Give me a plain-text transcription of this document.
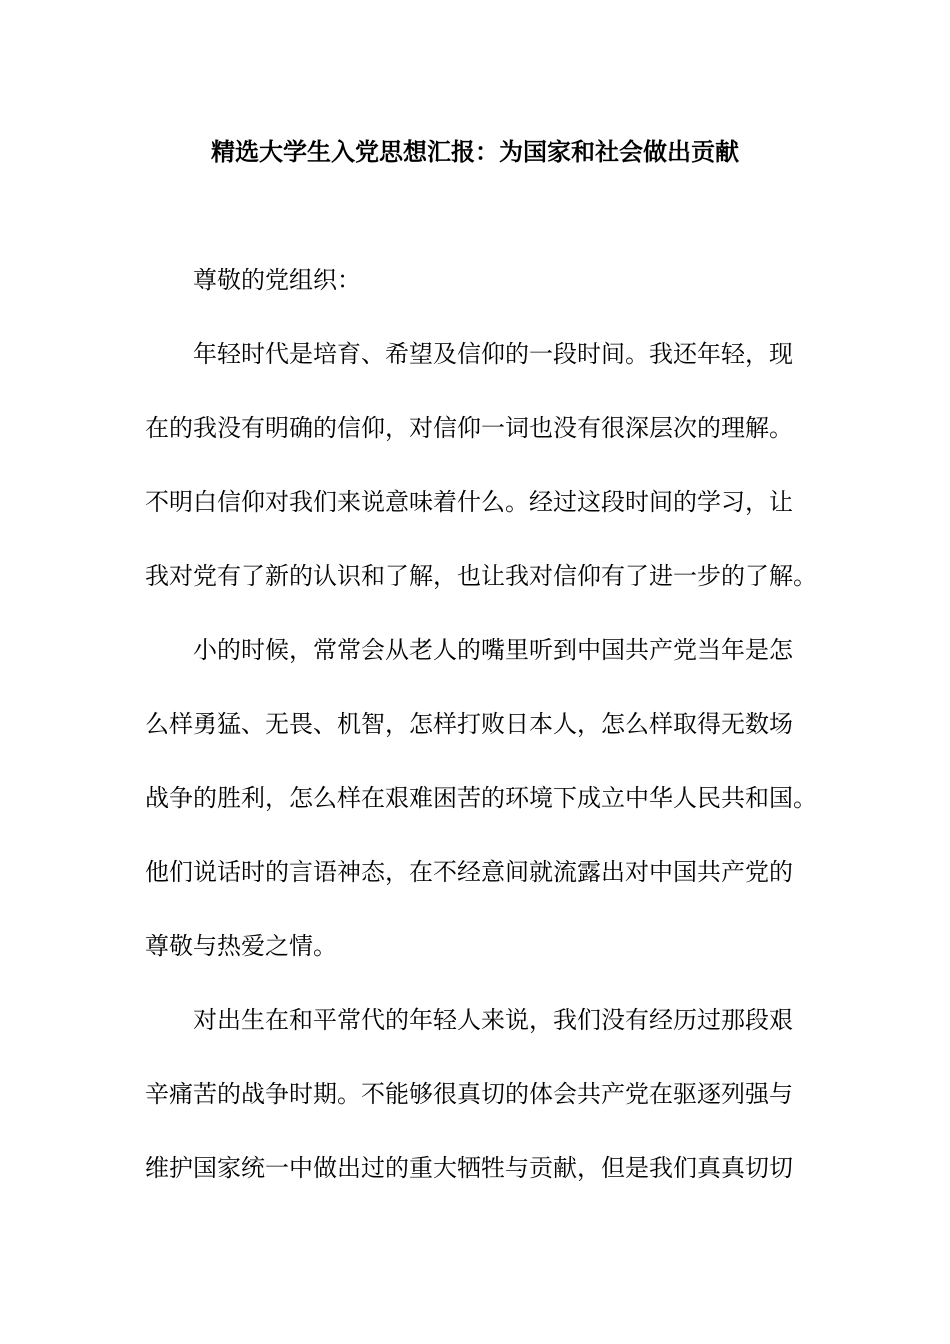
精选大学生入党思想汇报：为国家和社会做出贡献
尊敬的党组织：
年轻时代是培育、希望及信仰的一段时间。我还年轻，现
在的我没有明确的信仰，对信仰一词也没有很深层次的理解。
不明白信仰对我们来说意味着什么。经过这段时间的学习，让
我对党有了新的认识和了解，也让我对信仰有了进一步的了解。
小的时候，常常会从老人的嘴里听到中国共产党当年是怎
么样勇猛、无畏、机智，怎样打败日本人，怎么样取得无数场
战争的胜利，怎么样在艰难困苦的环境下成立中华人民共和国。
他们说话时的言语神态，在不经意间就流露出对中国共产党的
尊敬与热爱之情。
对出生在和平常代的年轻人来说，我们没有经历过那段艰
辛痛苦的战争时期。不能够很真切的体会共产党在驱逐列强与
维护国家统一中做出过的重大牺牲与贡献，但是我们真真切切
